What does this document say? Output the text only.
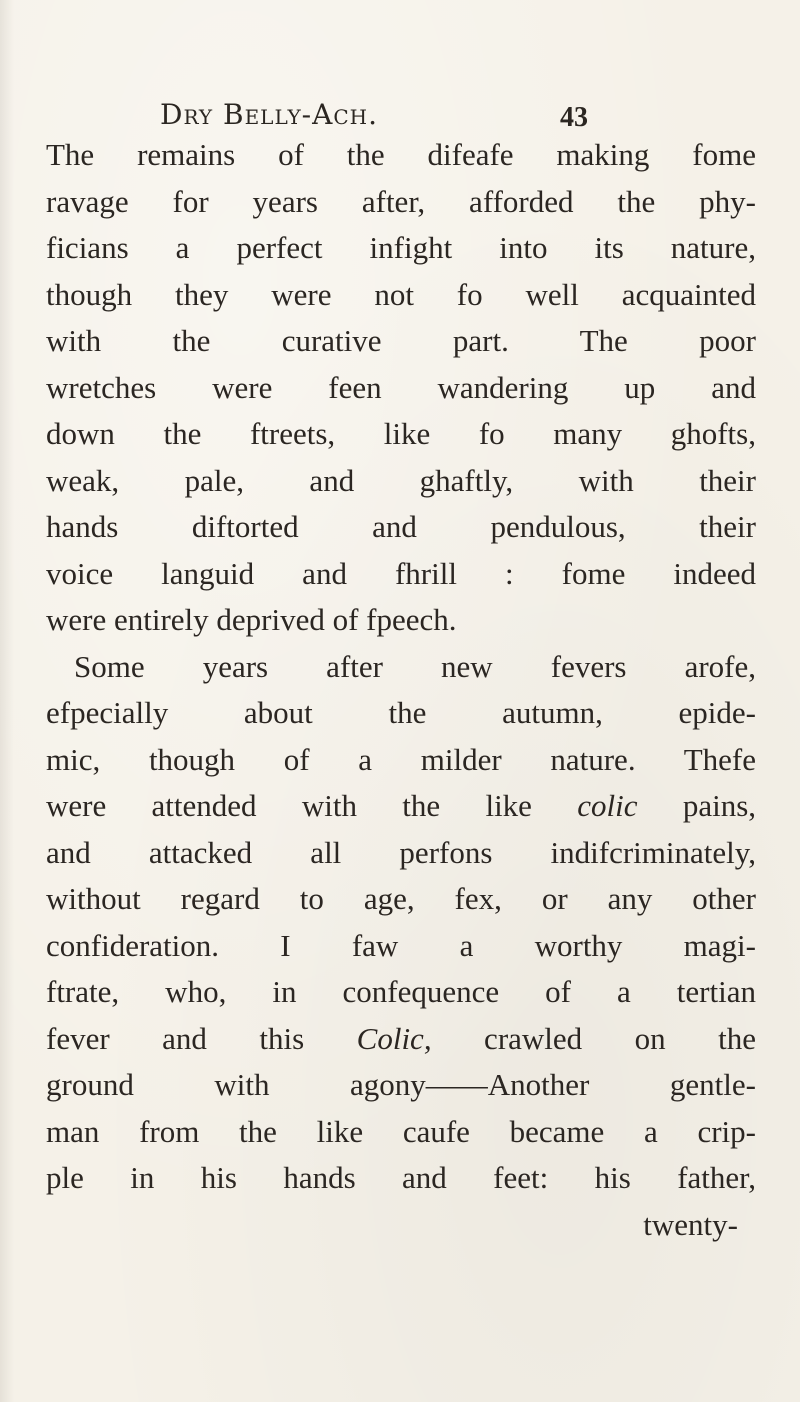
Dry Belly-Ach.	43
The remains of the difeafe making fome
ravage for years after, afforded the phy-
ficians a perfect infight into its nature,
though they were not fo well acquainted
with the curative part. The poor
wretches were feen wandering up and
down the ftreets, like fo many ghofts,
weak, pale, and ghaftly, with their
hands diftorted and pendulous, their
voice languid and fhrill : fome indeed
were entirely deprived of fpeech.
Some years after new fevers arofe,
efpecially about the autumn, epide-
mic, though of a milder nature. Thefe
were attended with the like colic pains,
and attacked all perfons indifcriminately,
without regard to age, fex, or any other
confideration. I faw a worthy magi-
ftrate, who, in confequence of a tertian
fever and this Colic, crawled on the
ground with agony——Another gentle-
man from the like caufe became a crip-
ple in his hands and feet: his father,
twenty-
